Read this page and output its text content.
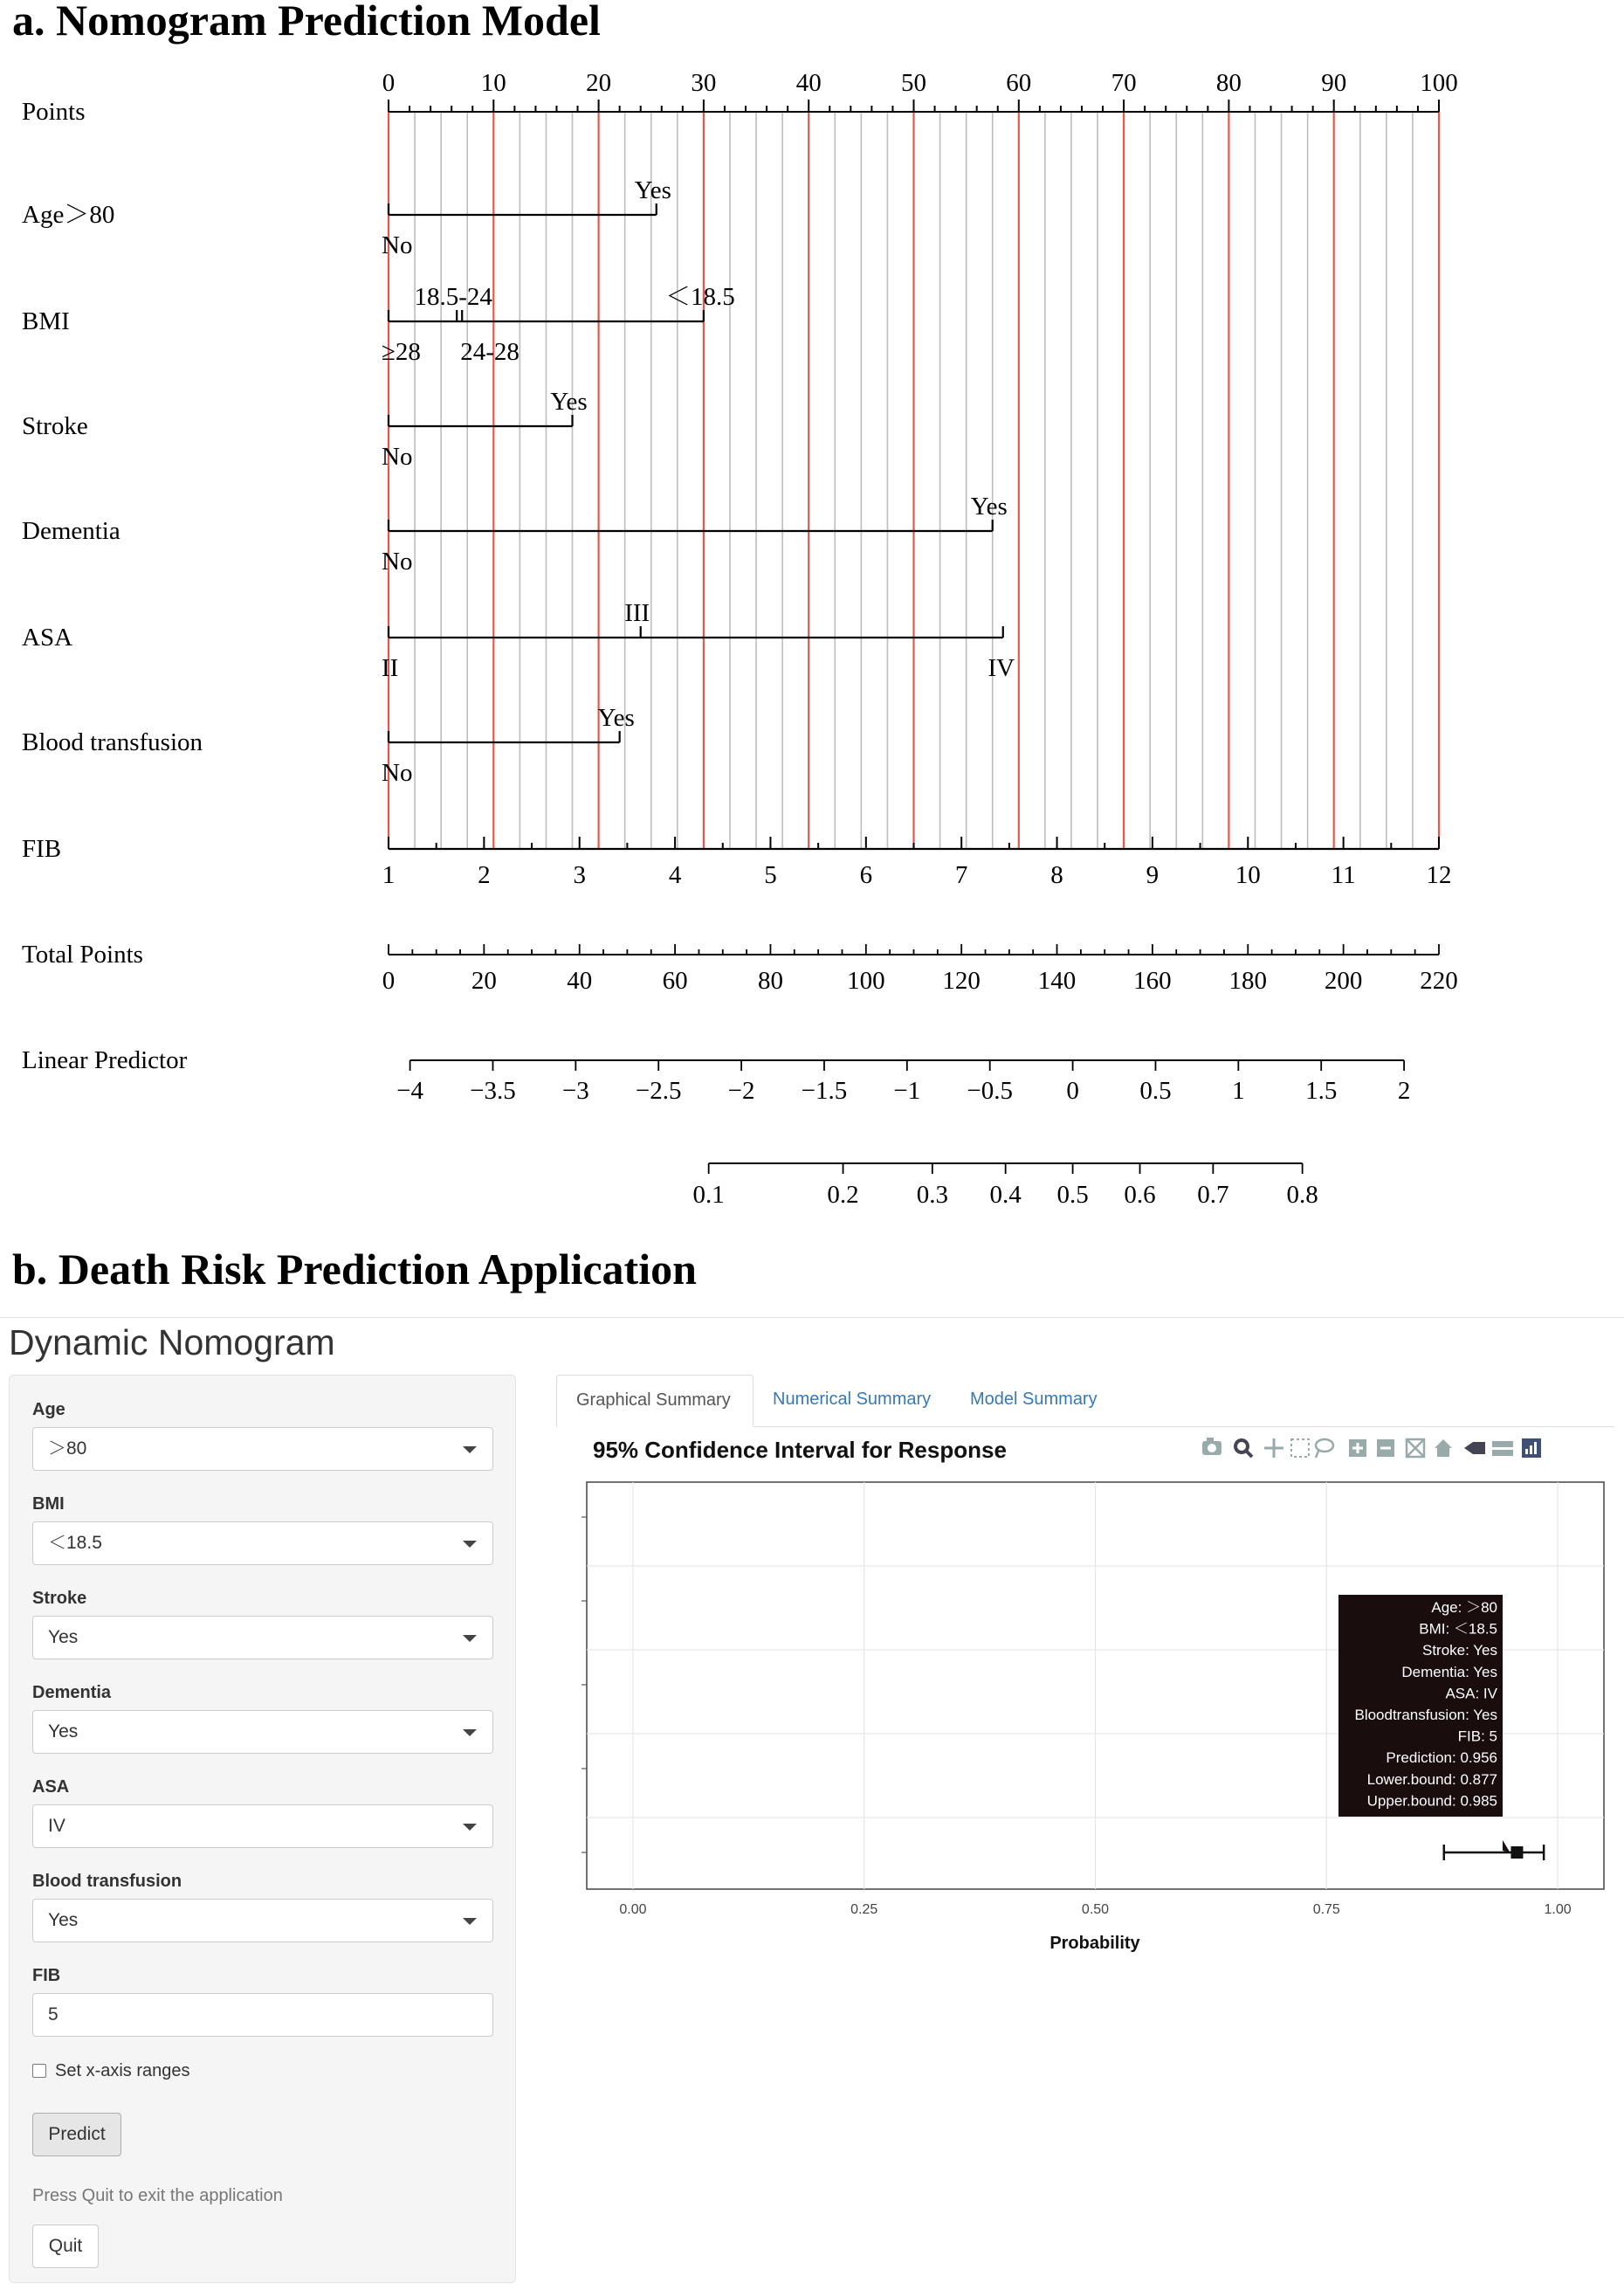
Points
Age＞80
BMI
Stroke
Dementia
ASA
Blood transfusion
FIB
Total Points
Linear Predictor
0	10	20	30	40	50	60	70	80	90	100
Yes
No
18.5-24	＜18.5
≥28 24-28
Yes
No
Yes
No
III
II	IV
Yes
No
1	2	3	4	5	6	7	8	9	10	11	12
0	20	40	60	80	100 120 140 160 180 200 220
−4 −3.5 −3 −2.5 −2 −1.5 −1 −0.5 0 0.5 1 1.5 2
0.1	0.2 0.3 0.4 0.5 0.6 0.7 0.8
a. Nomogram Prediction Model
b. Death Risk Prediction Application
Dynamic Nomogram
Age
＞80
BMI
＜18.5
Stroke
Yes
Dementia
Yes
ASA
IV
Blood transfusion
Yes
FIB
5
Set x-axis ranges
Predict
Press Quit to exit the application
Quit
Graphical Summary	Numerical Summary	Model Summary
95% Confidence Interval for Response
0.00	0.25	0.50	0.75	1.00
Probability
Age: ＞80
BMI: ＜18.5
Stroke: Yes
Dementia: Yes
ASA: IV
Bloodtransfusion: Yes
FIB: 5
Prediction: 0.956
Lower.bound: 0.877
Upper.bound: 0.985
